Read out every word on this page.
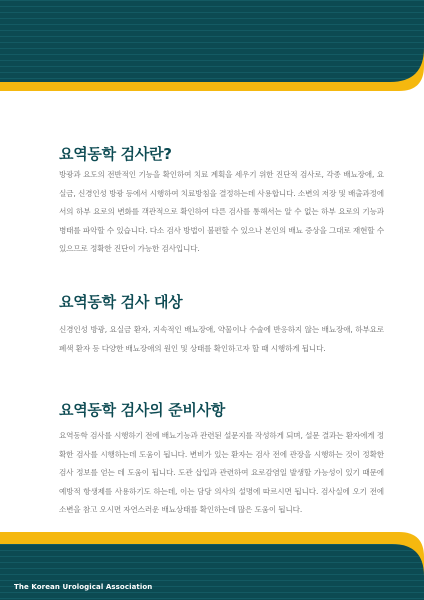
요역동학 검사란?

방광과 요도의 전반적인 기능을 확인하여 치료 계획을 세우기 위한 진단적 검사로, 각종 배뇨장애, 요실금, 신경인성 방광 등에서 시행하여 치료방침을 결정하는데 사용합니다. 소변의 저장 및 배출과정에서의 하부 요로의 변화를 객관적으로 확인하여 다른 검사를 통해서는 알 수 없는 하부 요로의 기능과 병태를 파악할 수 있습니다. 다소 검사 방법이 불편할 수 있으나 본인의 배뇨 증상을 그대로 재현할 수 있으므로 정확한 진단이 가능한 검사입니다.

요역동학 검사 대상

신경인성 방광, 요실금 환자, 지속적인 배뇨장애, 약물이나 수술에 반응하지 않는 배뇨장애, 하부요로 폐색 환자 등 다양한 배뇨장애의 원인 및 상태를 확인하고자 할 때 시행하게 됩니다.

요역동학 검사의 준비사항

요역동학 검사를 시행하기 전에 배뇨기능과 관련된 설문지를 작성하게 되며, 설문 결과는 환자에게 정확한 검사를 시행하는데 도움이 됩니다. 변비가 있는 환자는 검사 전에 관장을 시행하는 것이 정확한 검사 정보를 얻는 데 도움이 됩니다. 도관 삽입과 관련하여 요로감염일 발생할 가능성이 있기 때문에 예방적 항생제를 사용하기도 하는데, 이는 담당 의사의 설명에 따르시면 됩니다. 검사실에 오기 전에 소변을 참고 오시면 자연스러운 배뇨상태를 확인하는데 많은 도움이 됩니다.

The Korean Urological Association
